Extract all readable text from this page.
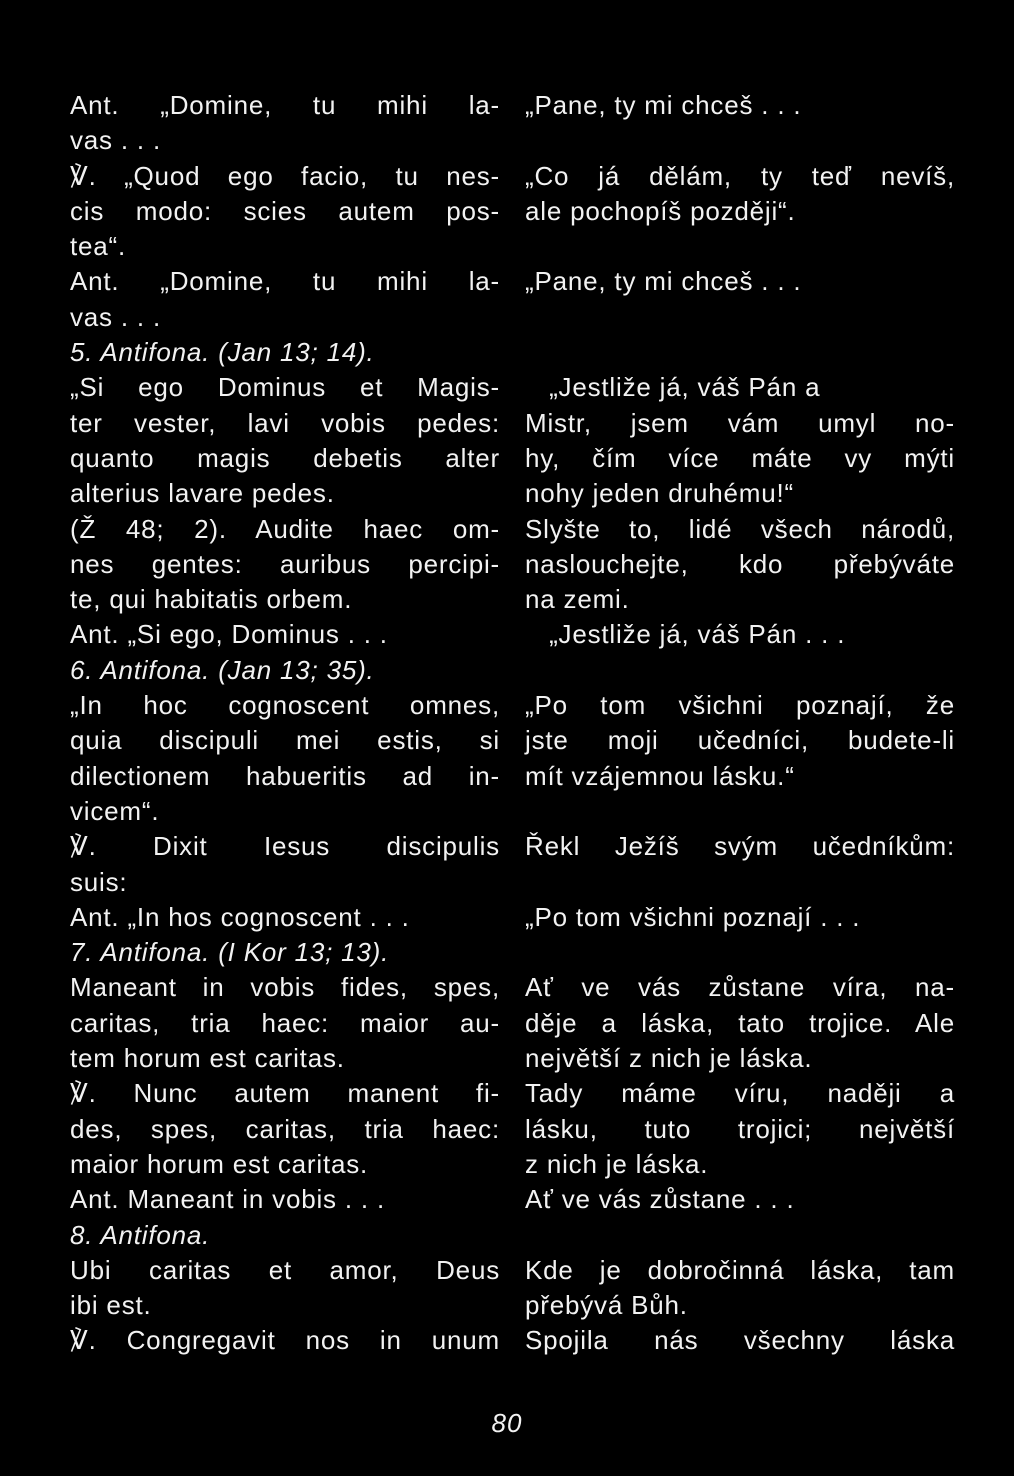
Ant. „Domine, tu mihi la-
vas . . .
℣. „Quod ego facio, tu nes-
cis modo: scies autem pos-
tea“.
Ant. „Domine, tu mihi la-
vas . . .
5. Antifona. (Jan 13; 14).
„Si ego Dominus et Magis-
ter vester, lavi vobis pedes:
quanto magis debetis alter
alterius lavare pedes.
(Ž 48; 2). Audite haec om-
nes gentes: auribus percipi-
te, qui habitatis orbem.
Ant. „Si ego, Dominus . . .
6. Antifona. (Jan 13; 35).
„In hoc cognoscent omnes,
quia discipuli mei estis, si
dilectionem habueritis ad in-
vicem“.
℣. Dixit Iesus discipulis
suis:
Ant. „In hos cognoscent . . .
7. Antifona. (I Kor 13; 13).
Maneant in vobis fides, spes,
caritas, tria haec: maior au-
tem horum est caritas.
℣. Nunc autem manent fi-
des, spes, caritas, tria haec:
maior horum est caritas.
Ant. Maneant in vobis . . .
8. Antifona.
Ubi caritas et amor, Deus
ibi est.
℣. Congregavit nos in unum
„Pane, ty mi chceš . . .
„Co já dělám, ty teď nevíš,
ale pochopíš později“.
„Pane, ty mi chceš . . .
„Jestliže já, váš Pán a
Mistr, jsem vám umyl no-
hy, čím více máte vy mýti
nohy jeden druhému!“
Slyšte to, lidé všech národů,
naslouchejte, kdo přebýváte
na zemi.
„Jestliže já, váš Pán . . .
„Po tom všichni poznají, že
jste moji učedníci, budete-li
mít vzájemnou lásku.“
Řekl Ježíš svým učedníkům:
„Po tom všichni poznají . . .
Ať ve vás zůstane víra, na-
děje a láska, tato trojice. Ale
největší z nich je láska.
Tady máme víru, naději a
lásku, tuto trojici; největší
z nich je láska.
Ať ve vás zůstane . . .
Kde je dobročinná láska, tam
přebývá Bůh.
Spojila nás všechny láska
80
